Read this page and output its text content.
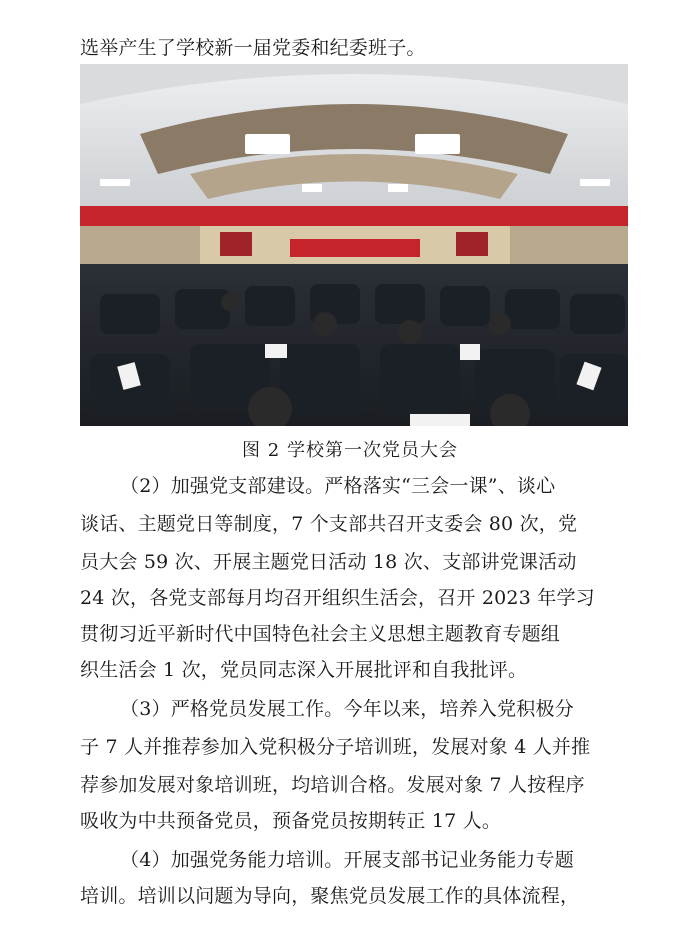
选举产生了学校新一届党委和纪委班子。
图 2 学校第一次党员大会
（2）加强党支部建设。严格落实“三会一课”、谈心
谈话、主题党日等制度，7 个支部共召开支委会 80 次，党
员大会 59 次、开展主题党日活动 18 次、支部讲党课活动
24 次，各党支部每月均召开组织生活会，召开 2023 年学习
贯彻习近平新时代中国特色社会主义思想主题教育专题组
织生活会 1 次，党员同志深入开展批评和自我批评。
（3）严格党员发展工作。今年以来，培养入党积极分
子 7 人并推荐参加入党积极分子培训班，发展对象 4 人并推
荐参加发展对象培训班，均培训合格。发展对象 7 人按程序
吸收为中共预备党员，预备党员按期转正 17 人。
（4）加强党务能力培训。开展支部书记业务能力专题
培训。培训以问题为导向，聚焦党员发展工作的具体流程，
